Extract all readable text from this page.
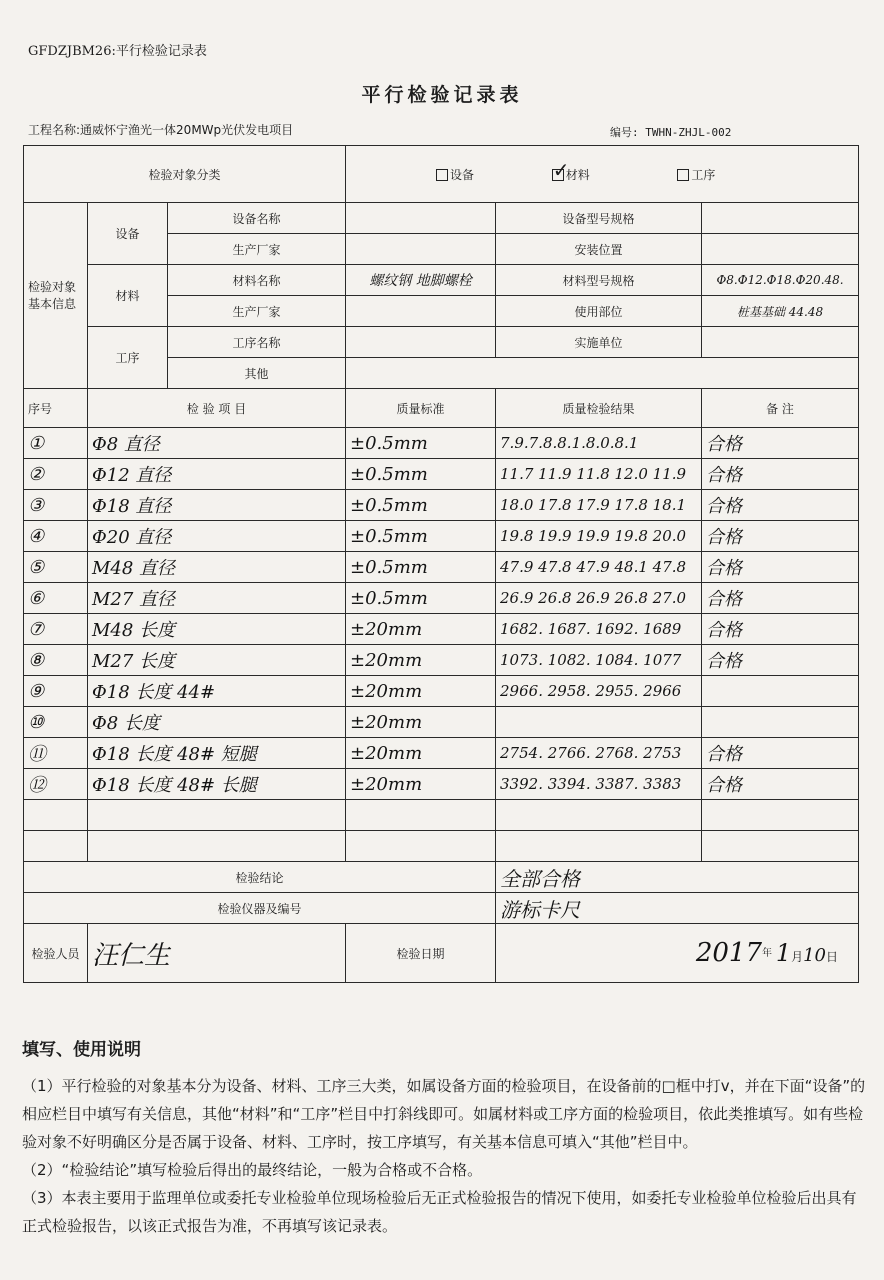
GFDZJBM26:平行检验记录表
平行检验记录表
工程名称:通威怀宁渔光一体20MWp光伏发电项目	编号: TWHN-ZHJL-002
检验对象分类			设备 ✓ 材料 工序
检验对象基本信息	设备	设备名称		设备型号规格	
		生产厂家		安装位置	
	材料	材料名称	螺纹钢 地脚螺栓	材料型号规格	Φ8.Φ12.Φ18.Φ20.48.
		生产厂家		使用部位	桩基基础 44.48
	工序	工序名称		实施单位	
		其他			

序号	检 验 项 目		质量标准	质量检验结果	备 注
①	Φ8 直径		±0.5mm	7.9.7.8.8.1.8.0.8.1	合格
②	Φ12 直径		±0.5mm	11.7 11.9 11.8 12.0 11.9	合格
③	Φ18 直径		±0.5mm	18.0 17.8 17.9 17.8 18.1	合格
④	Φ20 直径		±0.5mm	19.8 19.9 19.9 19.8 20.0	合格
⑤	M48 直径		±0.5mm	47.9 47.8 47.9 48.1 47.8	合格
⑥	M27 直径		±0.5mm	26.9 26.8 26.9 26.8 27.0	合格
⑦	M48 长度		±20mm	1682. 1687. 1692. 1689	合格
⑧	M27 长度		±20mm	1073. 1082. 1084. 1077	合格
⑨	Φ18 长度 44#		±20mm	2966. 2958. 2955. 2966	
⑩	Φ8 长度		±20mm		
⑪	Φ18 长度 48# 短腿		±20mm	2754. 2766. 2768. 2753	合格
⑫	Φ18 长度 48# 长腿		±20mm	3392. 3394. 3387. 3383	合格

检验结论				全部合格	
检验仪器及编号				游标卡尺	
检验人员	汪仁生		检验日期	$2017^年$ 1月10日	
填写、使用说明

（1）平行检验的对象基本分为设备、材料、工序三大类，如属设备方面的检验项目，在设备前的□框中打v，并在下面“设备”的相应栏目中填写有关信息，其他“材料”和“工序”栏目中打斜线即可。如属材料或工序方面的检验项目，依此类推填写。如有些检验对象不好明确区分是否属于设备、材料、工序时，按工序填写，有关基本信息可填入“其他”栏目中。

（2）“检验结论”填写检验后得出的最终结论，一般为合格或不合格。

（3）本表主要用于监理单位或委托专业检验单位现场检验后无正式检验报告的情况下使用，如委托专业检验单位检验后出具有正式检验报告，以该正式报告为准，不再填写该记录表。
